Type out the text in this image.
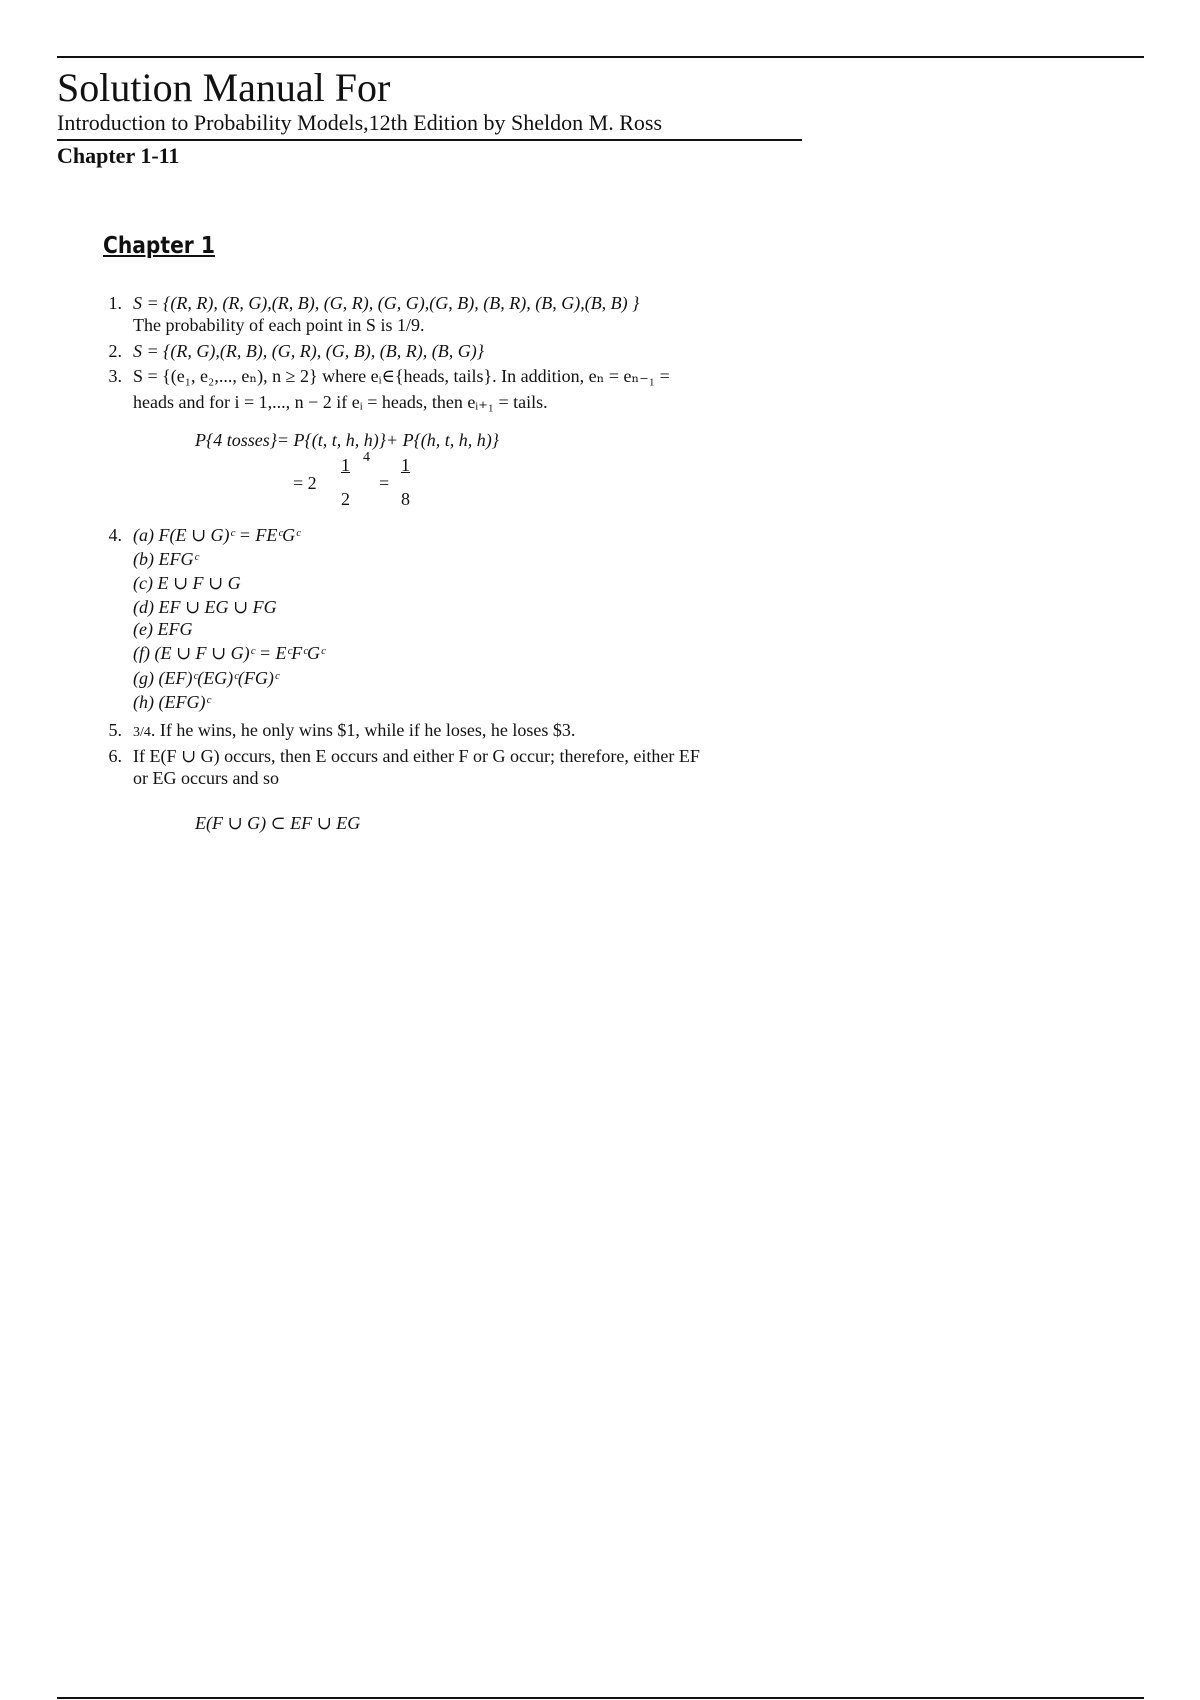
Solution Manual For
Introduction to Probability Models,12th Edition by Sheldon M. Ross
Chapter 1-11
Chapter 1
1. S = {(R, R), (R, G),(R, B), (G, R), (G, G),(G, B), (B, R), (B, G),(B, B) }
The probability of each point in S is 1/9.
2. S = {(R, G),(R, B), (G, R), (G, B), (B, R), (B, G)}
3. S = {(e₁, e₂,..., eₙ), n ≥ 2} where eᵢ∈{heads, tails}. In addition, eₙ = eₙ₋₁ =
heads and for i = 1,..., n − 2 if eᵢ = heads, then eᵢ₊₁ = tails.
P{4 tosses}= P{(t, t, h, h)}+ P{(h, t, h, h)}
= 2
1 4
2
=
1
8
4. (a) F(E ∪ G)ᶜ = FEᶜGᶜ
(b) EFGᶜ
(c) E ∪ F ∪ G
(d) EF ∪ EG ∪ FG
(e) EFG
(f) (E ∪ F ∪ G)ᶜ = EᶜFᶜGᶜ
(g) (EF)ᶜ(EG)ᶜ(FG)ᶜ
(h) (EFG)ᶜ
5. 3/4. If he wins, he only wins $1, while if he loses, he loses $3.
6. If E(F ∪ G) occurs, then E occurs and either F or G occur; therefore, either EF
or EG occurs and so
E(F ∪ G) ⊂ EF ∪ EG
